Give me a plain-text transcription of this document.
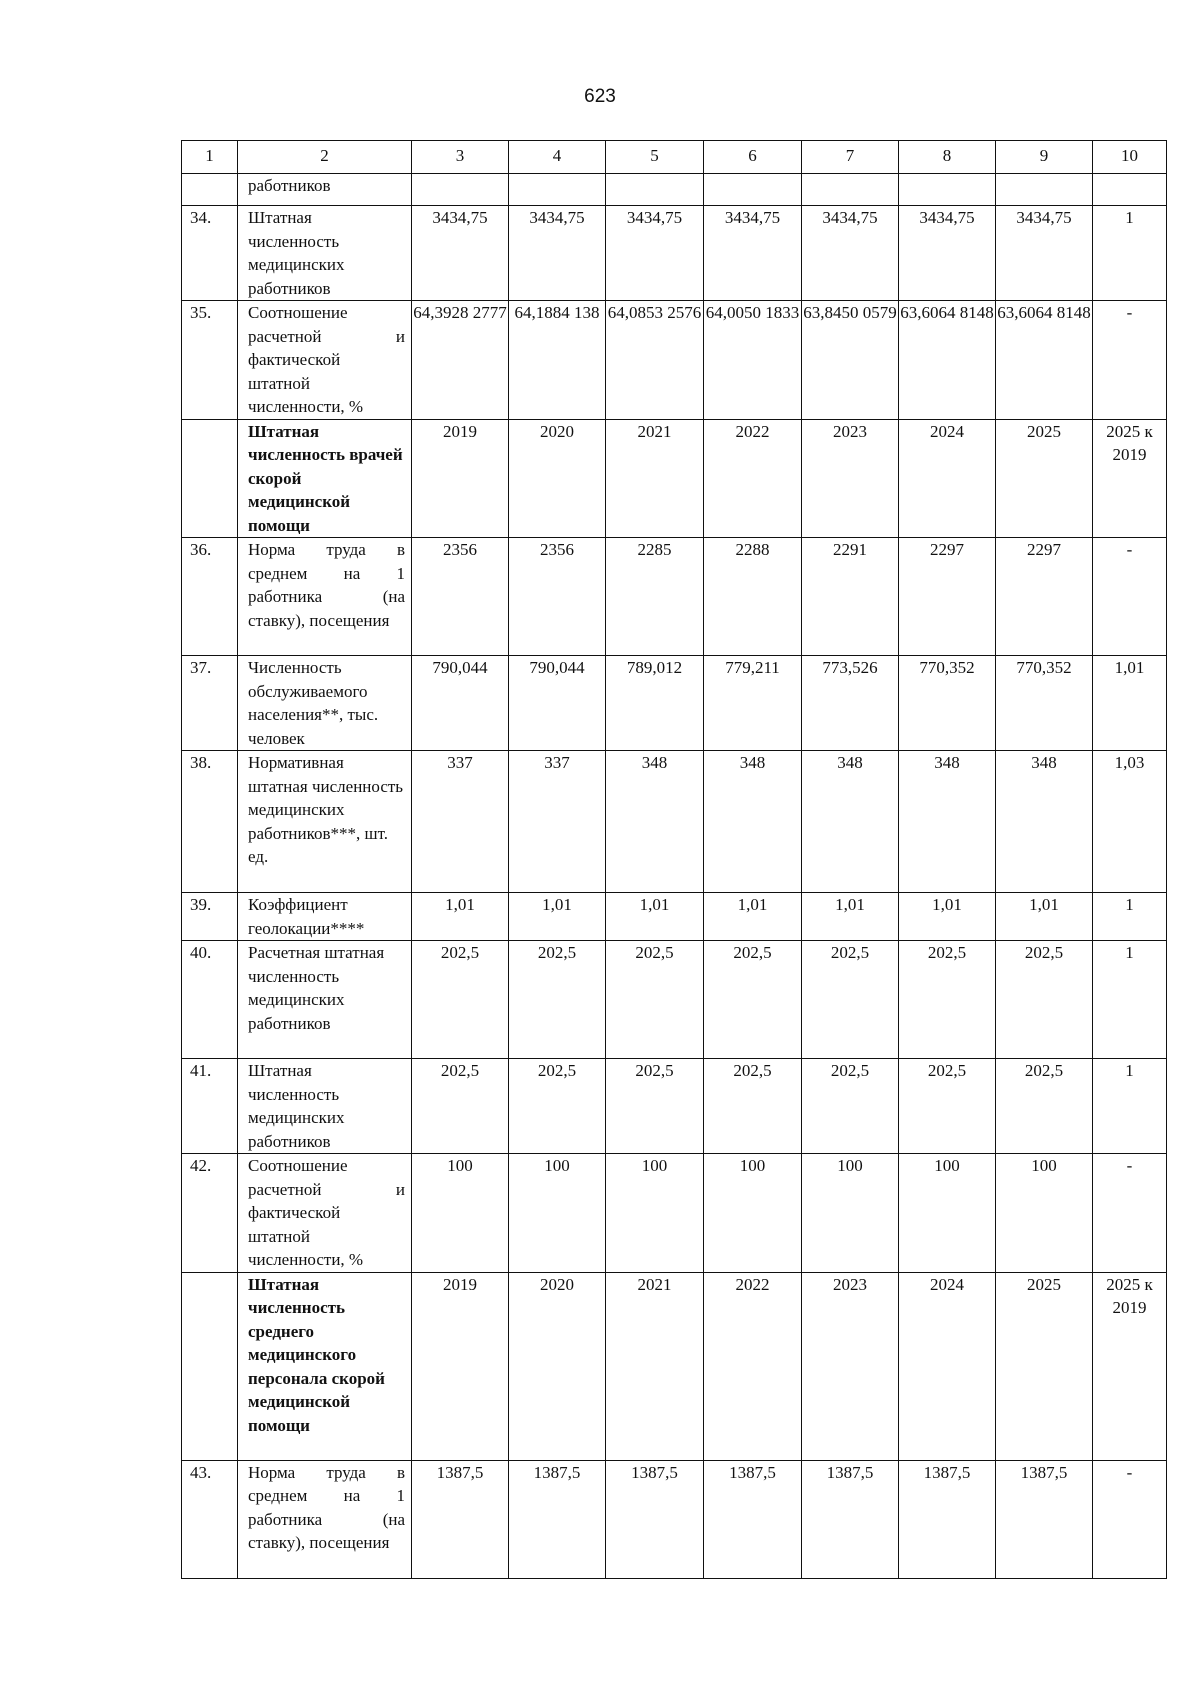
623
1	2	3	4	5	6	7	8	9	10
	работников								
34.	Штатная численность медицинских работников	3434,75	3434,75	3434,75	3434,75	3434,75	3434,75	3434,75	1
35.	Соотношение расчетной и фактической штатной численности, %	64,3928 2777	64,1884 138	64,0853 2576	64,0050 1833	63,8450 0579	63,6064 8148	63,6064 8148	-
	Штатная численность врачей скорой медицинской помощи	2019	2020	2021	2022	2023	2024	2025	2025 к 2019
36.	Норма труда в среднем на 1 работника (на ставку), посещения	2356	2356	2285	2288	2291	2297	2297	-
37.	Численность обслуживаемого населения**, тыс. человек	790,044	790,044	789,012	779,211	773,526	770,352	770,352	1,01
38.	Нормативная штатная численность медицинских работников***, шт. ед.	337	337	348	348	348	348	348	1,03
39.	Коэффициент геолокации****	1,01	1,01	1,01	1,01	1,01	1,01	1,01	1
40.	Расчетная штатная численность медицинских работников	202,5	202,5	202,5	202,5	202,5	202,5	202,5	1
41.	Штатная численность медицинских работников	202,5	202,5	202,5	202,5	202,5	202,5	202,5	1
42.	Соотношение расчетной и фактической штатной численности, %	100	100	100	100	100	100	100	-
	Штатная численность среднего медицинского персонала скорой медицинской помощи	2019	2020	2021	2022	2023	2024	2025	2025 к 2019
43.	Норма труда в среднем на 1 работника (на ставку), посещения	1387,5	1387,5	1387,5	1387,5	1387,5	1387,5	1387,5	-
